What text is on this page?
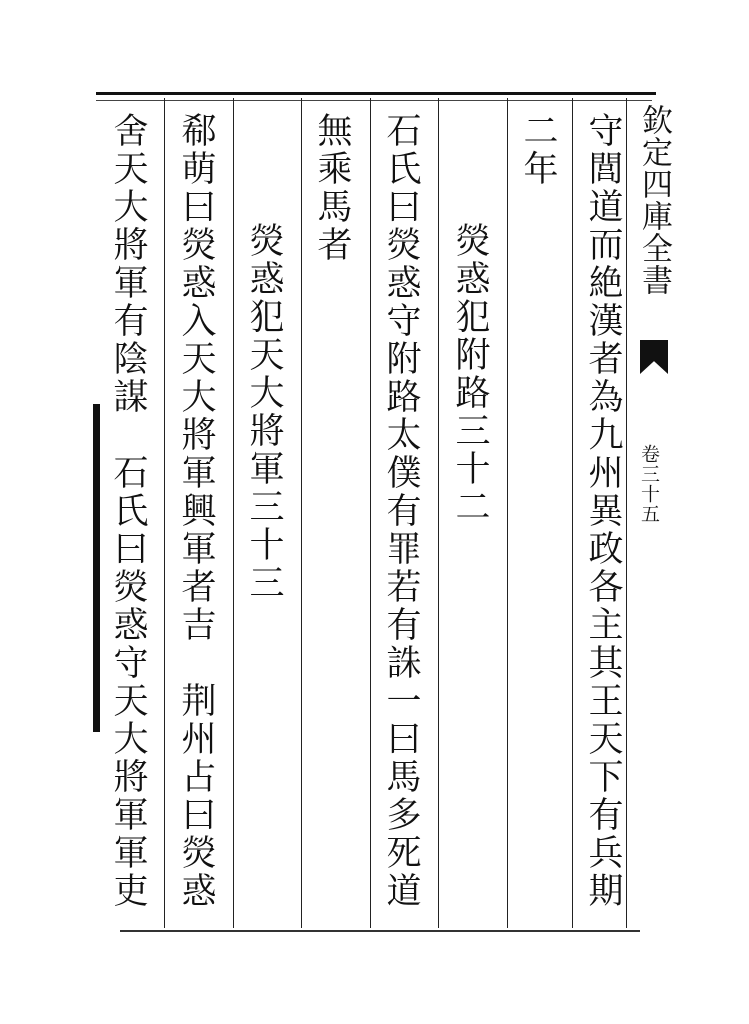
欽定四庫全書
卷三十五
守閭道而絶漢者為九州異政各主其王天下有兵期
二年
熒惑犯附路三十二
石氏曰熒惑守附路太僕有罪若有誅一曰馬多死道
無乘馬者
熒惑犯天大將軍三十三
郗萌曰熒惑入天大將軍興軍者吉　荆州占曰熒惑
舍天大將軍有陰謀　石氏曰熒惑守天大將軍軍吏
